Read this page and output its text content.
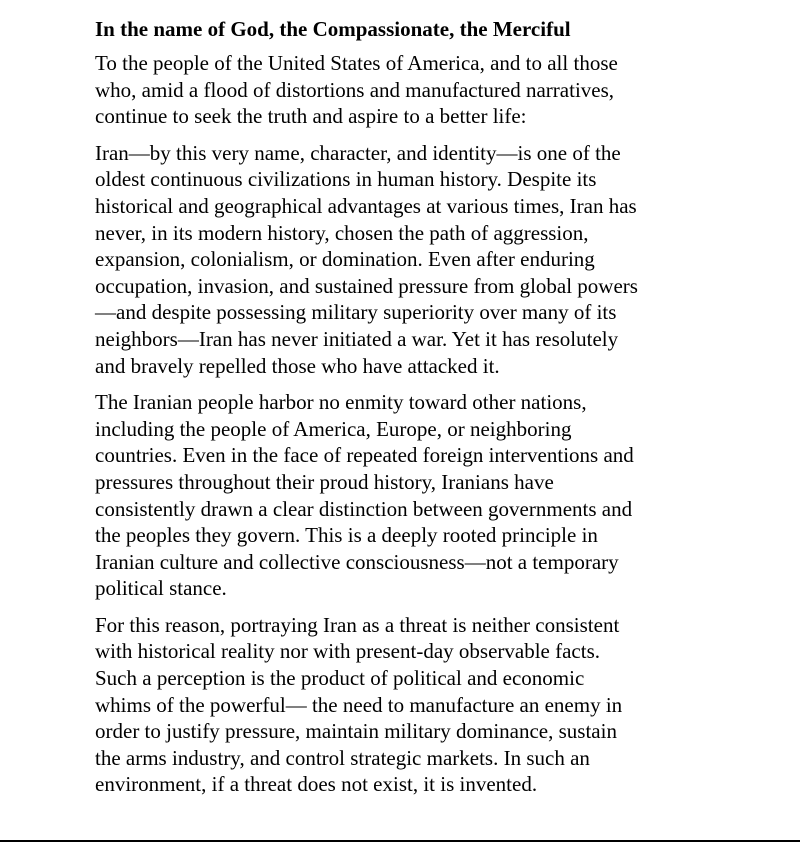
In the name of God, the Compassionate, the Merciful
To the people of the United States of America, and to all those
who, amid a flood of distortions and manufactured narratives,
continue to seek the truth and aspire to a better life:
Iran—by this very name, character, and identity—is one of the
oldest continuous civilizations in human history. Despite its
historical and geographical advantages at various times, Iran has
never, in its modern history, chosen the path of aggression,
expansion, colonialism, or domination. Even after enduring
occupation, invasion, and sustained pressure from global powers
—and despite possessing military superiority over many of its
neighbors—Iran has never initiated a war. Yet it has resolutely
and bravely repelled those who have attacked it.
The Iranian people harbor no enmity toward other nations,
including the people of America, Europe, or neighboring
countries. Even in the face of repeated foreign interventions and
pressures throughout their proud history, Iranians have
consistently drawn a clear distinction between governments and
the peoples they govern. This is a deeply rooted principle in
Iranian culture and collective consciousness—not a temporary
political stance.
For this reason, portraying Iran as a threat is neither consistent
with historical reality nor with present-day observable facts.
Such a perception is the product of political and economic
whims of the powerful— the need to manufacture an enemy in
order to justify pressure, maintain military dominance, sustain
the arms industry, and control strategic markets. In such an
environment, if a threat does not exist, it is invented.
